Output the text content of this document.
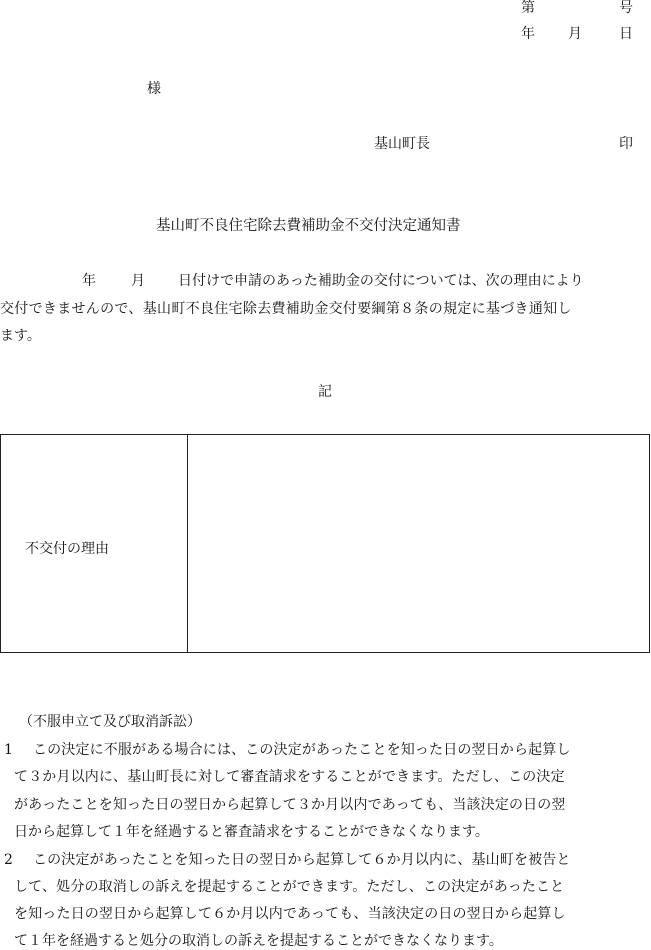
第	号
年 月	日
様
基山町長	印
基山町不良住宅除去費補助金不交付決定通知書
年	月 日付けで申請のあった補助金の交付については、次の理由により
交付できませんので、基山町不良住宅除去費補助金交付要綱第８条の規定に基づき通知し
ます。
記
不交付の理由

（不服申立て及び取消訴訟）

1 この決定に不服がある場合には、この決定があったことを知った日の翌日から起算し

て３か月以内に、基山町長に対して審査請求をすることができます。ただし、この決定

があったことを知った日の翌日から起算して３か月以内であっても、当該決定の日の翌

日から起算して１年を経過すると審査請求をすることができなくなります。

2 この決定があったことを知った日の翌日から起算して６か月以内に、基山町を被告と

して、処分の取消しの訴えを提起することができます。ただし、この決定があったこと

を知った日の翌日から起算して６か月以内であっても、当該決定の日の翌日から起算し

て１年を経過すると処分の取消しの訴えを提起することができなくなります。
